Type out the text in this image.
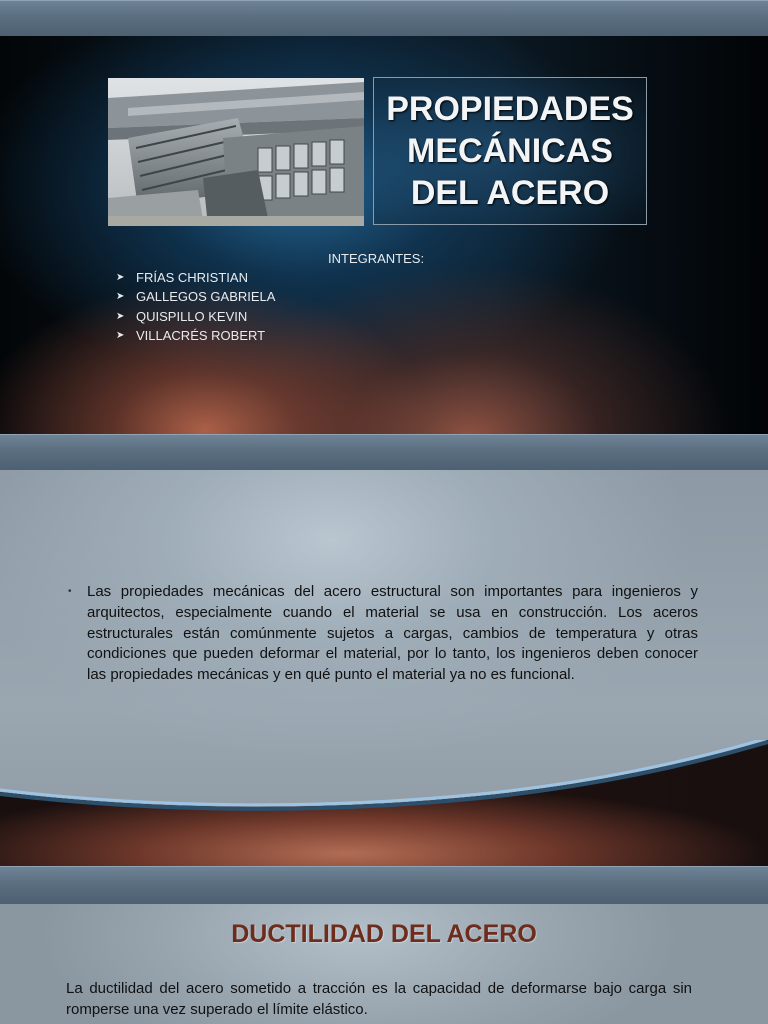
PROPIEDADES MECÁNICAS DEL ACERO
INTEGRANTES:
➤ FRÍAS CHRISTIAN
➤ GALLEGOS GABRIELA
➤ QUISPILLO KEVIN
➤ VILLACRÉS ROBERT
• Las propiedades mecánicas del acero estructural son importantes para ingenieros y arquitectos, especialmente cuando el material se usa en construcción. Los aceros estructurales están comúnmente sujetos a cargas, cambios de temperatura y otras condiciones que pueden deformar el material, por lo tanto, los ingenieros deben conocer las propiedades mecánicas y en qué punto el material ya no es funcional.

DUCTILIDAD DEL ACERO

La ductilidad del acero sometido a tracción es la capacidad de deformarse bajo carga sin romperse una vez superado el límite elástico.
